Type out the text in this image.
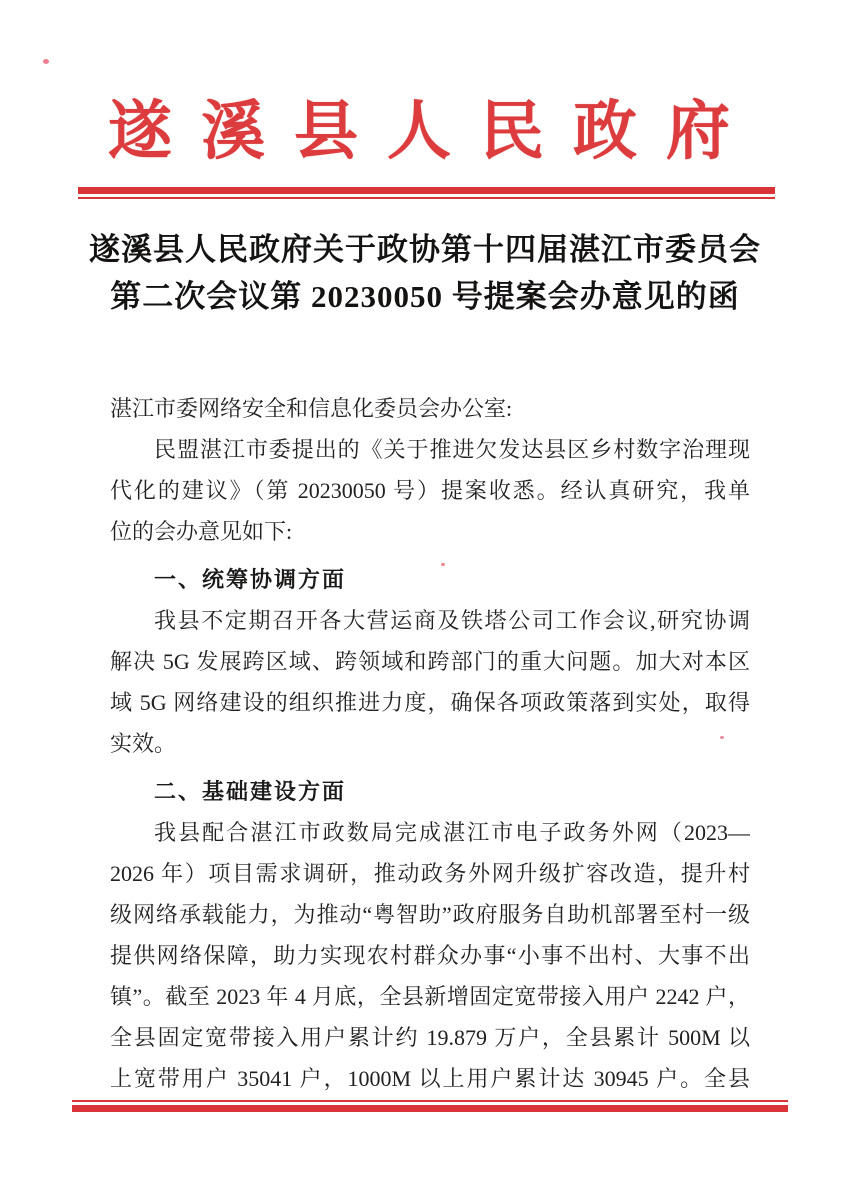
遂溪县人民政府
遂溪县人民政府关于政协第十四届湛江市委员会
第二次会议第 20230050 号提案会办意见的函
湛江市委网络安全和信息化委员会办公室:
民盟湛江市委提出的《关于推进欠发达县区乡村数字治理现
代化的建议》（第 20230050 号）提案收悉。经认真研究，我单
位的会办意见如下:
一、统筹协调方面
我县不定期召开各大营运商及铁塔公司工作会议,研究协调
解决 5G 发展跨区域、跨领域和跨部门的重大问题。加大对本区
域 5G 网络建设的组织推进力度，确保各项政策落到实处，取得
实效。
二、基础建设方面
我县配合湛江市政数局完成湛江市电子政务外网（2023—
2026 年）项目需求调研，推动政务外网升级扩容改造，提升村
级网络承载能力，为推动“粤智助”政府服务自助机部署至村一级
提供网络保障，助力实现农村群众办事“小事不出村、大事不出
镇”。截至 2023 年 4 月底，全县新增固定宽带接入用户 2242 户，
全县固定宽带接入用户累计约 19.879 万户，全县累计 500M 以
上宽带用户 35041 户，1000M 以上用户累计达 30945 户。全县
